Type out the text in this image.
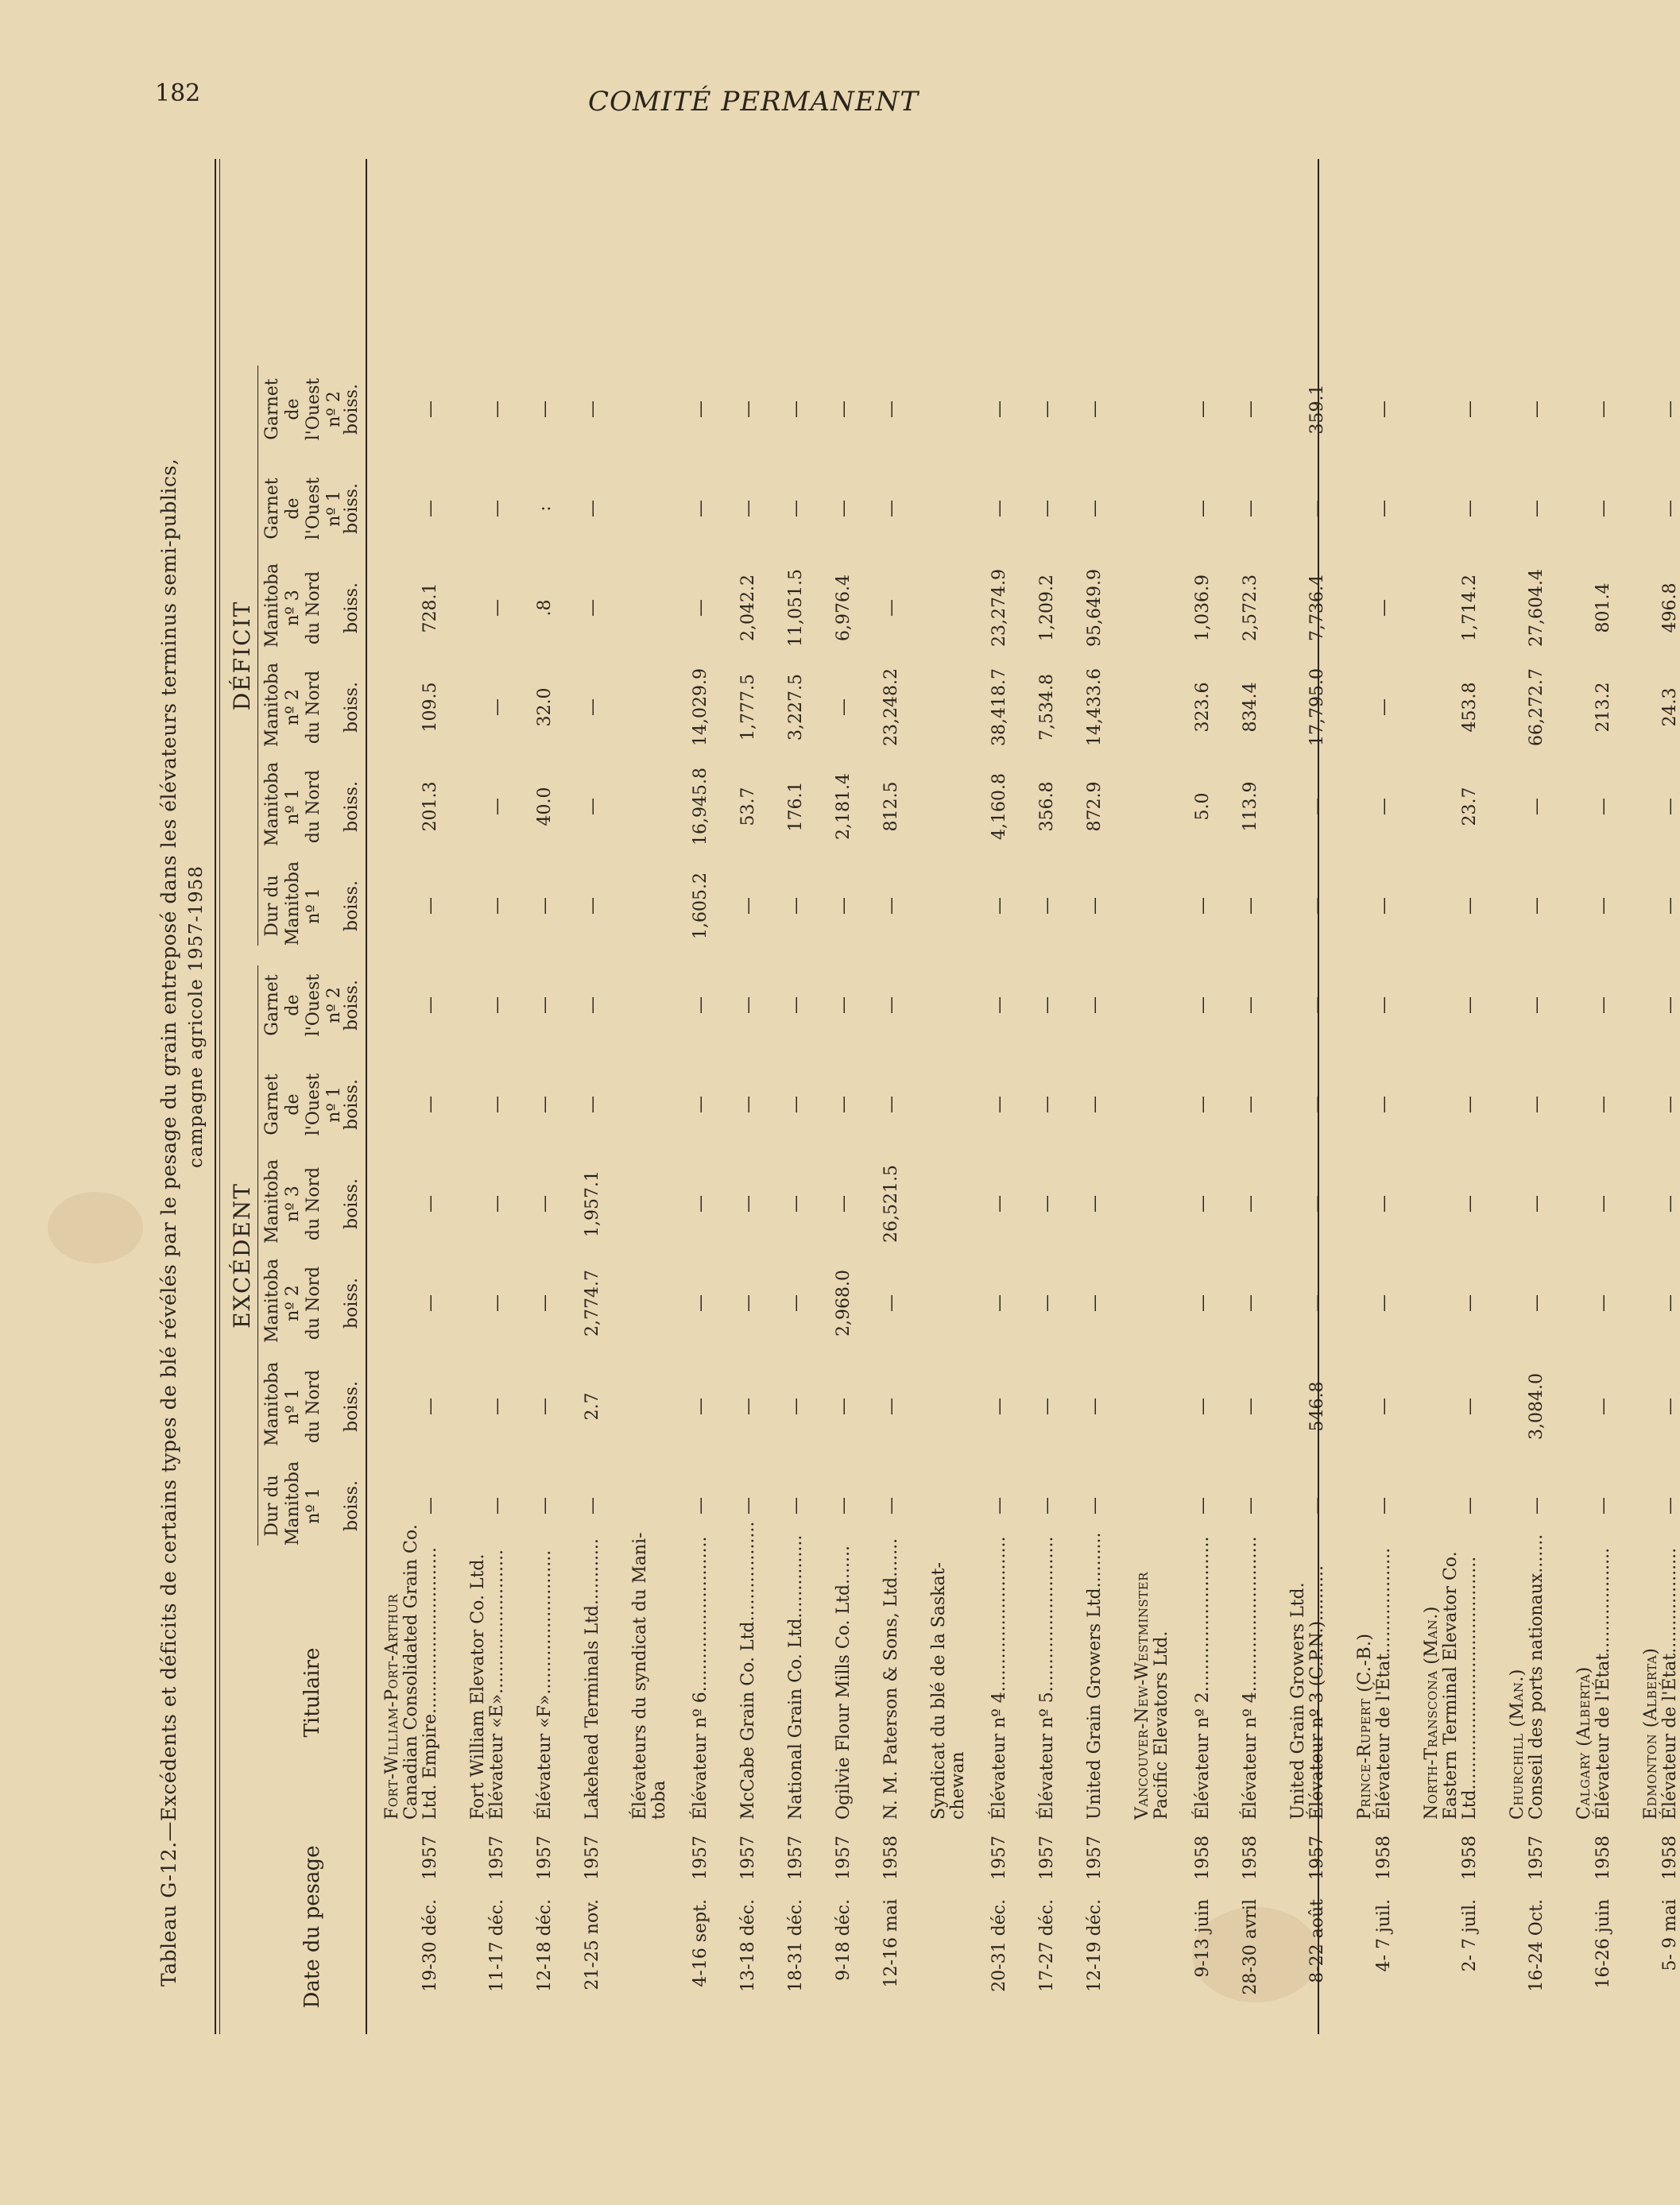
182	COMITÉ PERMANENT
Tableau G-12.—Excédents et déficits de certains types de blé révélés par le pesage du grain entreposé dans les élévateurs terminus semi-publics, campagne agricole 1957-1958
EXCÉDENT
DÉFICIT
Date du pesage
Titulaire
Dur du Manitoba nº 1 boiss.
Manitoba nº 1 du Nord boiss.
Manitoba nº 2 du Nord boiss.
Manitoba nº 3 du Nord boiss.
Garnet de l'Ouest nº 1
boiss.
Garnet de l'Ouest nº 2
boiss.
Dur du Manitoba nº 1 boiss.
Manitoba nº 1 du Nord boiss.
Manitoba nº 2 du Nord boiss.
Manitoba nº 3 du Nord boiss.
Garnet de l'Ouest nº 1
boiss.
Garnet de l'Ouest nº 2
boiss.
19-30 déc.1957
Fort-William-Port-Arthur Canadian Consolidated Grain Co. Ltd. Empire..............................
—
—
—
—
—
—
—
201.3
109.5
728.1
—
—
11-17 déc.1957
Fort William Elevator Co. Ltd. Élévateur «E»..........................
—
—
—
—
—
—
—
—
—
—
—
—
12-18 déc.1957
Élévateur «F»..........................
—
—
—
—
—
—
—
40.0
32.0
.8
:
—
21-25 nov.1957
Lakehead Terminals Ltd............
—
2.7
2,774.7
1,957.1
—
—
—
—
—
—
—
—
Élévateurs du syndicat du Mani- toba
4-16 sept.1957
Élévateur nº 6............................
—
—
—
—
—
—
1,605.2
16,945.8
14,029.9
—
—
—
13-18 déc.1957
McCabe Grain Co. Ltd..................
—
—
—
—
—
—
—
53.7
1,777.5
2,042.2
—
—
18-31 déc.1957
National Grain Co. Ltd...............
—
—
—
—
—
—
—
176.1
3,227.5
11,051.5
—
—
9-18 déc.1957
Ogilvie Flour Mills Co. Ltd.......
—
—
2,968.0
—
—
—
—
2,181.4
—
6,976.4
—
—
12-16 mai1958
N. M. Paterson & Sons, Ltd.......
—
—
—
26,521.5
—
—
—
812.5
23,248.2
—
—
—
Syndicat du blé de la Saskat- chewan
20-31 déc.1957
Élévateur nº 4............................
—
—
—
—
—
—
—
4,160.8
38,418.7
23,274.9
—
—
17-27 déc.1957
Élévateur nº 5............................
—
—
—
—
—
—
—
356.8
7,534.8
1,209.2
—
—
12-19 déc.1957
United Grain Growers Ltd..........
—
—
—
—
—
—
—
872.9
14,433.6
95,649.9
—
—
Vancouver-New-Westminster Pacific Elevators Ltd.
9-13 juin1958
Élévateur nº 2............................
—
—
—
—
—
—
—
5.0
323.6
1,036.9
—
—
28-30 avril1958
Élévateur nº 4............................
—
—
—
—
—
—
—
113.9
834.4
2,572.3
—
—
8-22 août1957
United Grain Growers Ltd. Élévateur nº 3 (C.P.N.)..........
—
546.8
—
—
—
—
—
—
17,795.0
7,736.4
—
359.1
4- 7 juil.1958
Prince-Rupert (C.-B.) Élévateur de l'État...................
—
—
—
—
—
—
—
—
—
—
—
—
2- 7 juil.1958
North-Transcona (Man.) Eastern Terminal Elevator Co. Ltd..........................................
—
—
—
—
—
—
—
23.7
453.8
1,714.2
—
—
16-24 Oct.1957
Churchill (Man.) Conseil des ports nationaux.......
—
3,084.0
—
—
—
—
—
—
66,272.7
27,604.4
—
—
16-26 juin1958
Calgary (Alberta) Élévateur de l'État...................
—
—
—
—
—
—
—
—
213.2
801.4
—
—
5- 9 mai1958
Edmonton (Alberta) Élévateur de l'État...................
—
—
—
—
—
—
—
—
24.3
496.8
—
—
